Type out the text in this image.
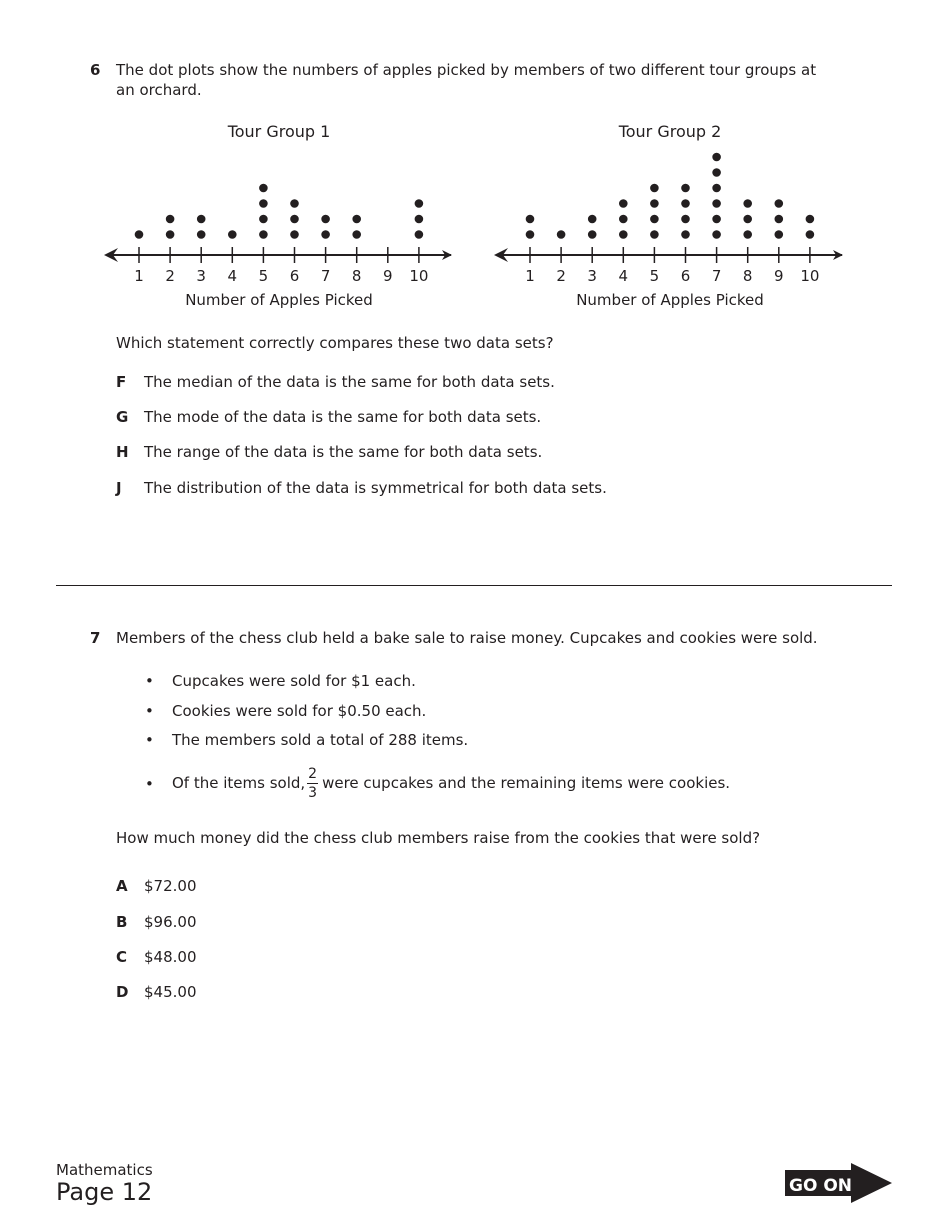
6 The dot plots show the numbers of apples picked by members of two different tour groups at
an orchard.
Tour Group 1
Number of Apples Picked
1 2 3 4 5 6 7 8 9 10
Tour Group 2
Number of Apples Picked
1 2 3 4 5 6 7 8 9 10
Which statement correctly compares these two data sets?
F The median of the data is the same for both data sets.
G The mode of the data is the same for both data sets.
H The range of the data is the same for both data sets.
J The distribution of the data is symmetrical for both data sets.
7 Members of the chess club held a bake sale to raise money. Cupcakes and cookies were sold.
• Cupcakes were sold for $1 each.
• Cookies were sold for $0.50 each.
• The members sold a total of 288 items.
• Of the items sold, $\frac{2}{3}$ were cupcakes and the remaining items were cookies.
How much money did the chess club members raise from the cookies that were sold?
A $72.00
B $96.00
C $48.00
D $45.00
Mathematics
Page 12	GO ON
